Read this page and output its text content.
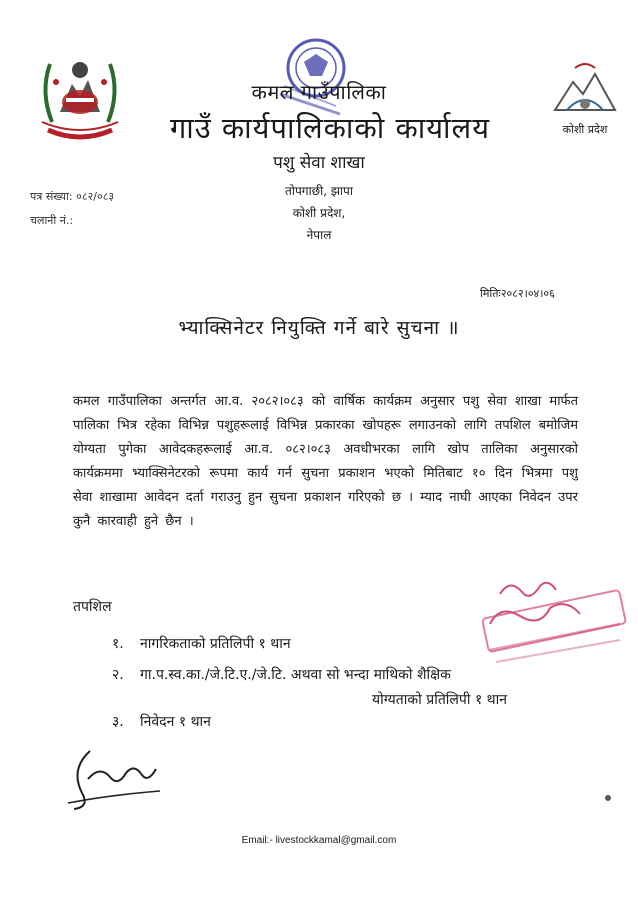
कोशी प्रदेश
कमल गाउँपालिका
गाउँ कार्यपालिकाको कार्यालय
पशु सेवा शाखा
तोपगाछी, झापा
कोशी प्रदेश,
नेपाल
पत्र संख्या: ०८२/०८३
चलानी नं.:
मितिः२०८२।०४।०६
भ्याक्सिनेटर नियुक्ति गर्ने बारे सुचना ॥
कमल गाउँपालिका अन्तर्गत आ.व. २०८२।०८३ को वार्षिक कार्यक्रम अनुसार पशु सेवा शाखा मार्फत पालिका भित्र रहेका विभिन्न पशुहरूलाई विभिन्न प्रकारका खोपहरू लगाउनको लागि तपशिल बमोजिम योग्यता पुगेका आवेदकहरूलाई आ.व. ०८२।०८३ अवधीभरका लागि खोप तालिका अनुसारको कार्यक्रममा भ्याक्सिनेटरको रूपमा कार्य गर्न सुचना प्रकाशन भएको मितिबाट १० दिन भित्रमा पशु सेवा शाखामा आवेदन दर्ता गराउनु हुन सुचना प्रकाशन गरिएको छ । म्याद नाघी आएका निवेदन उपर कुनै कारवाही हुने छैन ।
तपशिल
१. नागरिकताको प्रतिलिपी १ थान
२. गा.प.स्व.का./जे.टि.ए./जे.टि. अथवा सो भन्दा माथिको शैक्षिक
योग्यताको प्रतिलिपी १ थान
३. निवेदन १ थान
Email:- livestockkamal@gmail.com
